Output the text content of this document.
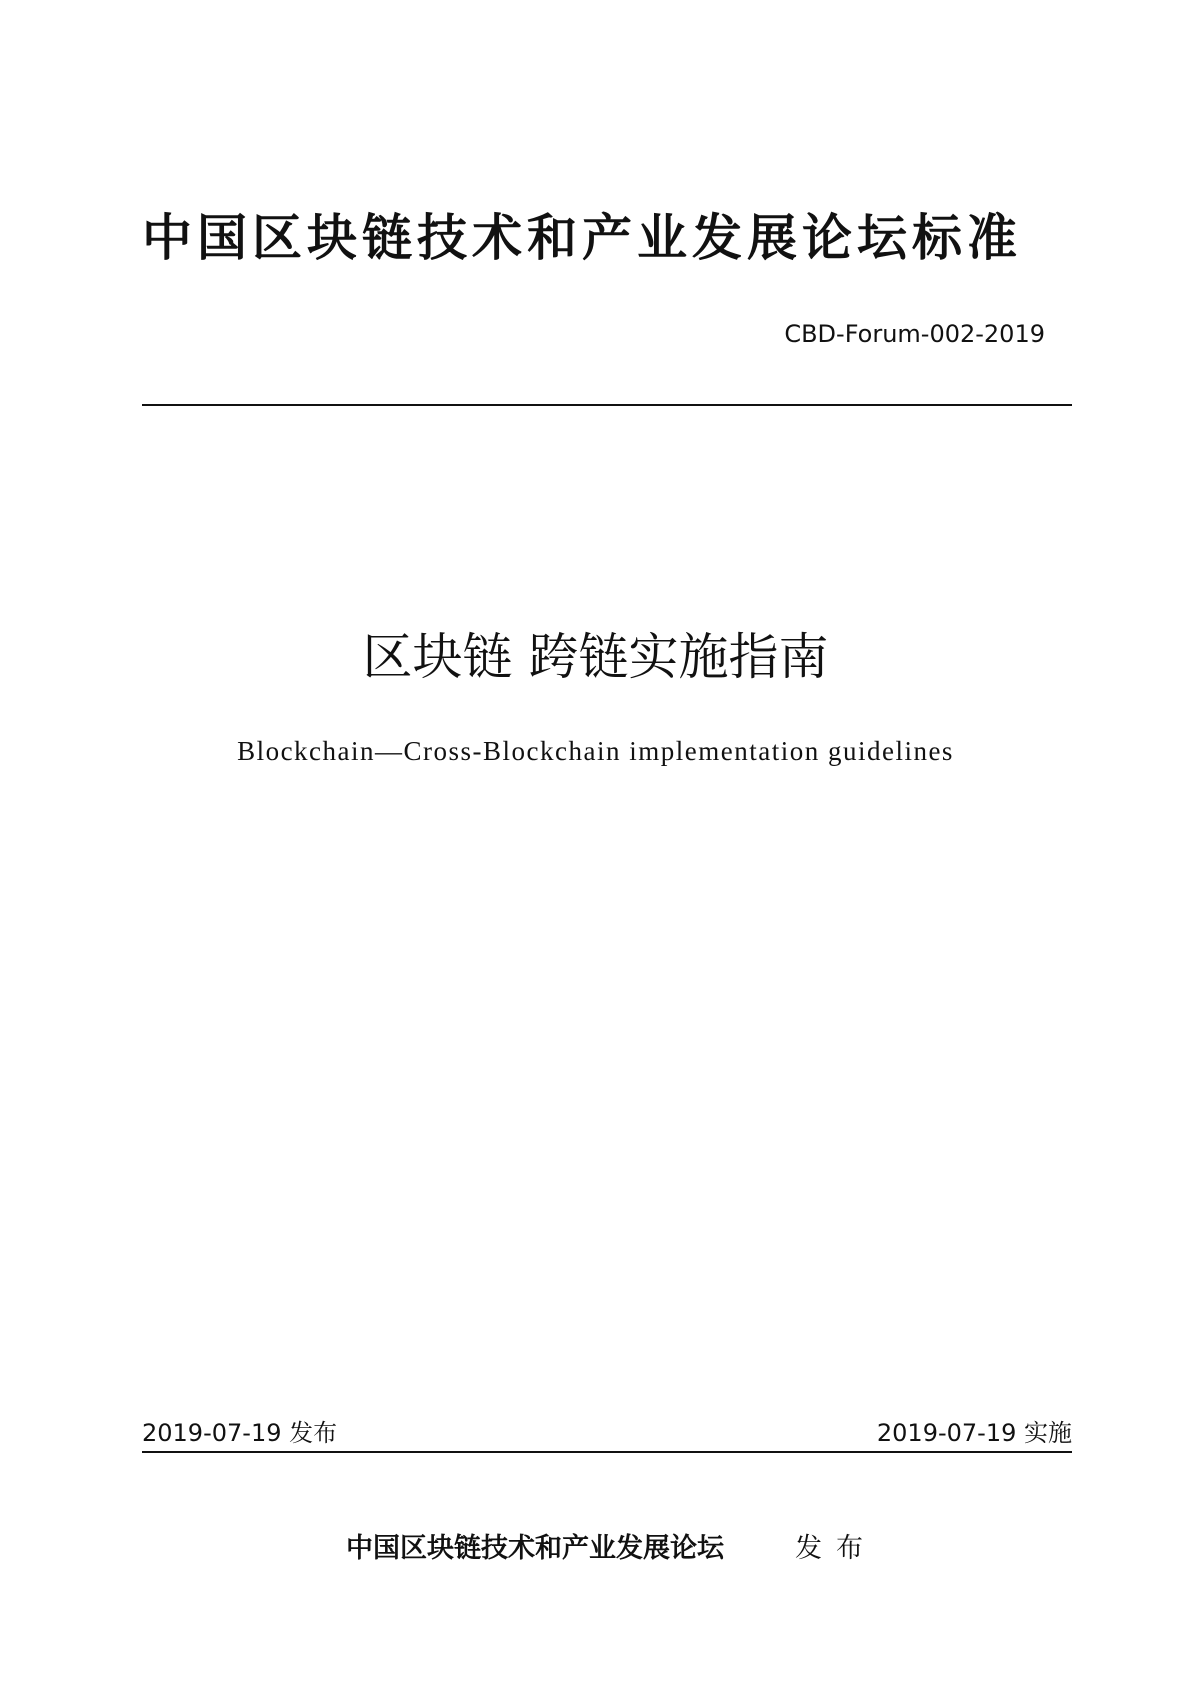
中国区块链技术和产业发展论坛标准
CBD-Forum-002-2019
区块链 跨链实施指南
Blockchain—Cross-Blockchain implementation guidelines
2019-07-19 发布	2019-07-19 实施
中国区块链技术和产业发展论坛	发布
